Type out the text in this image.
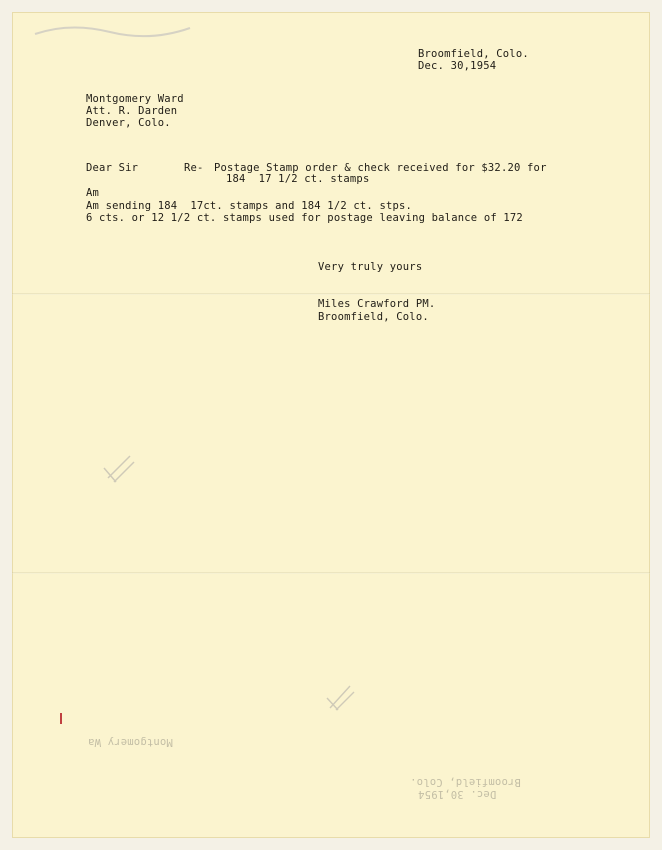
Broomfield, Colo.
Dec. 30,1954
Montgomery Ward
Att. R. Darden
Denver, Colo.
Dear Sir	Re- Postage Stamp order & check received for $32.20 for
184  17 1/2 ct. stamps
Am
Am sending 184  17ct. stamps and 184 1/2 ct. stps.
6 cts. or 12 1/2 ct. stamps used for postage leaving balance of 172
Very truly yours
Miles Crawford PM.
Broomfield, Colo.
Montgomery Wa
Dec. 30,1954
Broomfield, Colo.
